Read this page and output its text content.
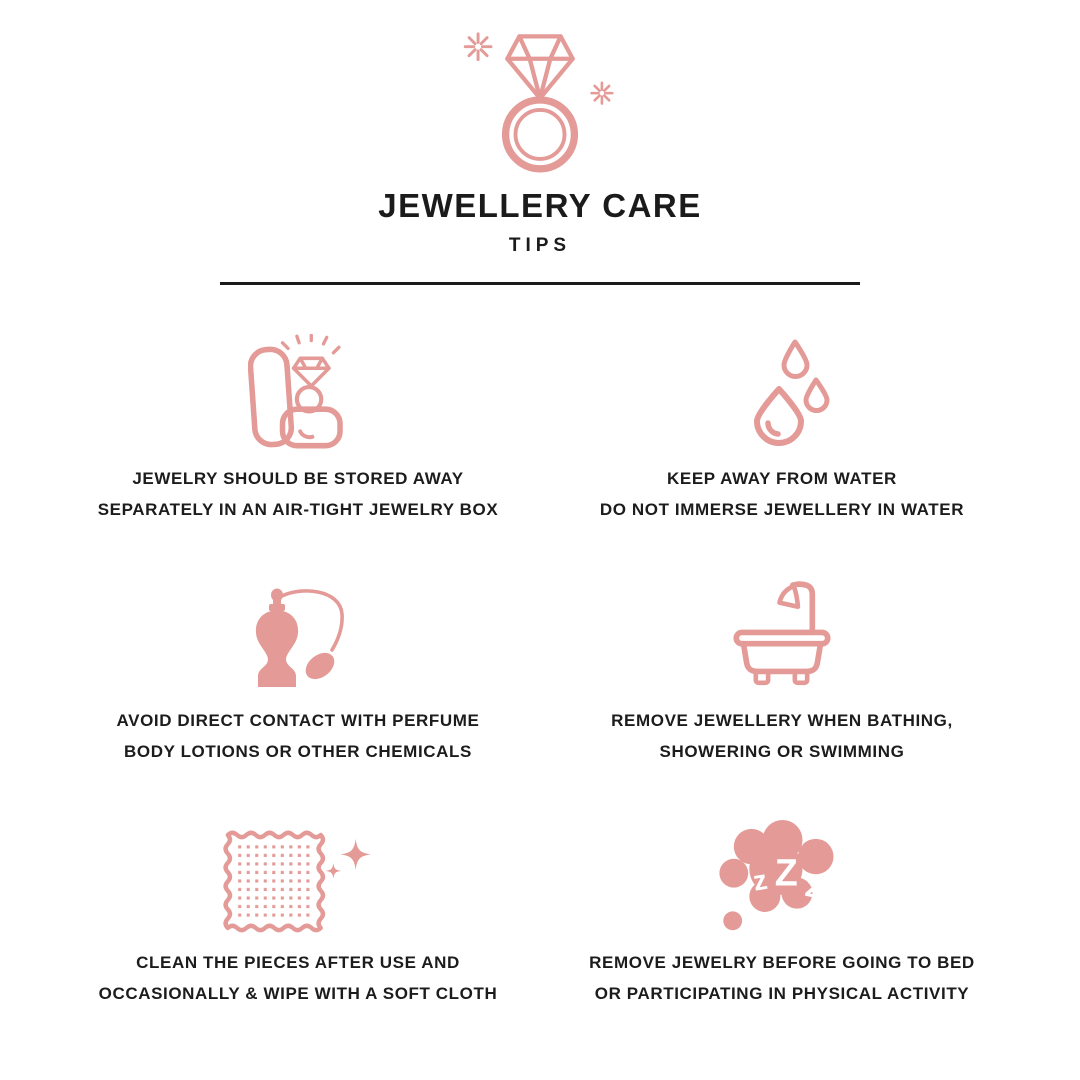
JEWELLERY CARE
TIPS
JEWELRY SHOULD BE STORED AWAY
SEPARATELY IN AN AIR-TIGHT JEWELRY BOX
KEEP AWAY FROM WATER
DO NOT IMMERSE JEWELLERY IN WATER
AVOID DIRECT CONTACT WITH PERFUME
BODY LOTIONS OR OTHER CHEMICALS
REMOVE JEWELLERY WHEN BATHING,
SHOWERING OR SWIMMING
CLEAN THE PIECES AFTER USE AND
OCCASIONALLY & WIPE WITH A SOFT CLOTH
z Z z
REMOVE JEWELRY BEFORE GOING TO BED
OR PARTICIPATING IN PHYSICAL ACTIVITY
